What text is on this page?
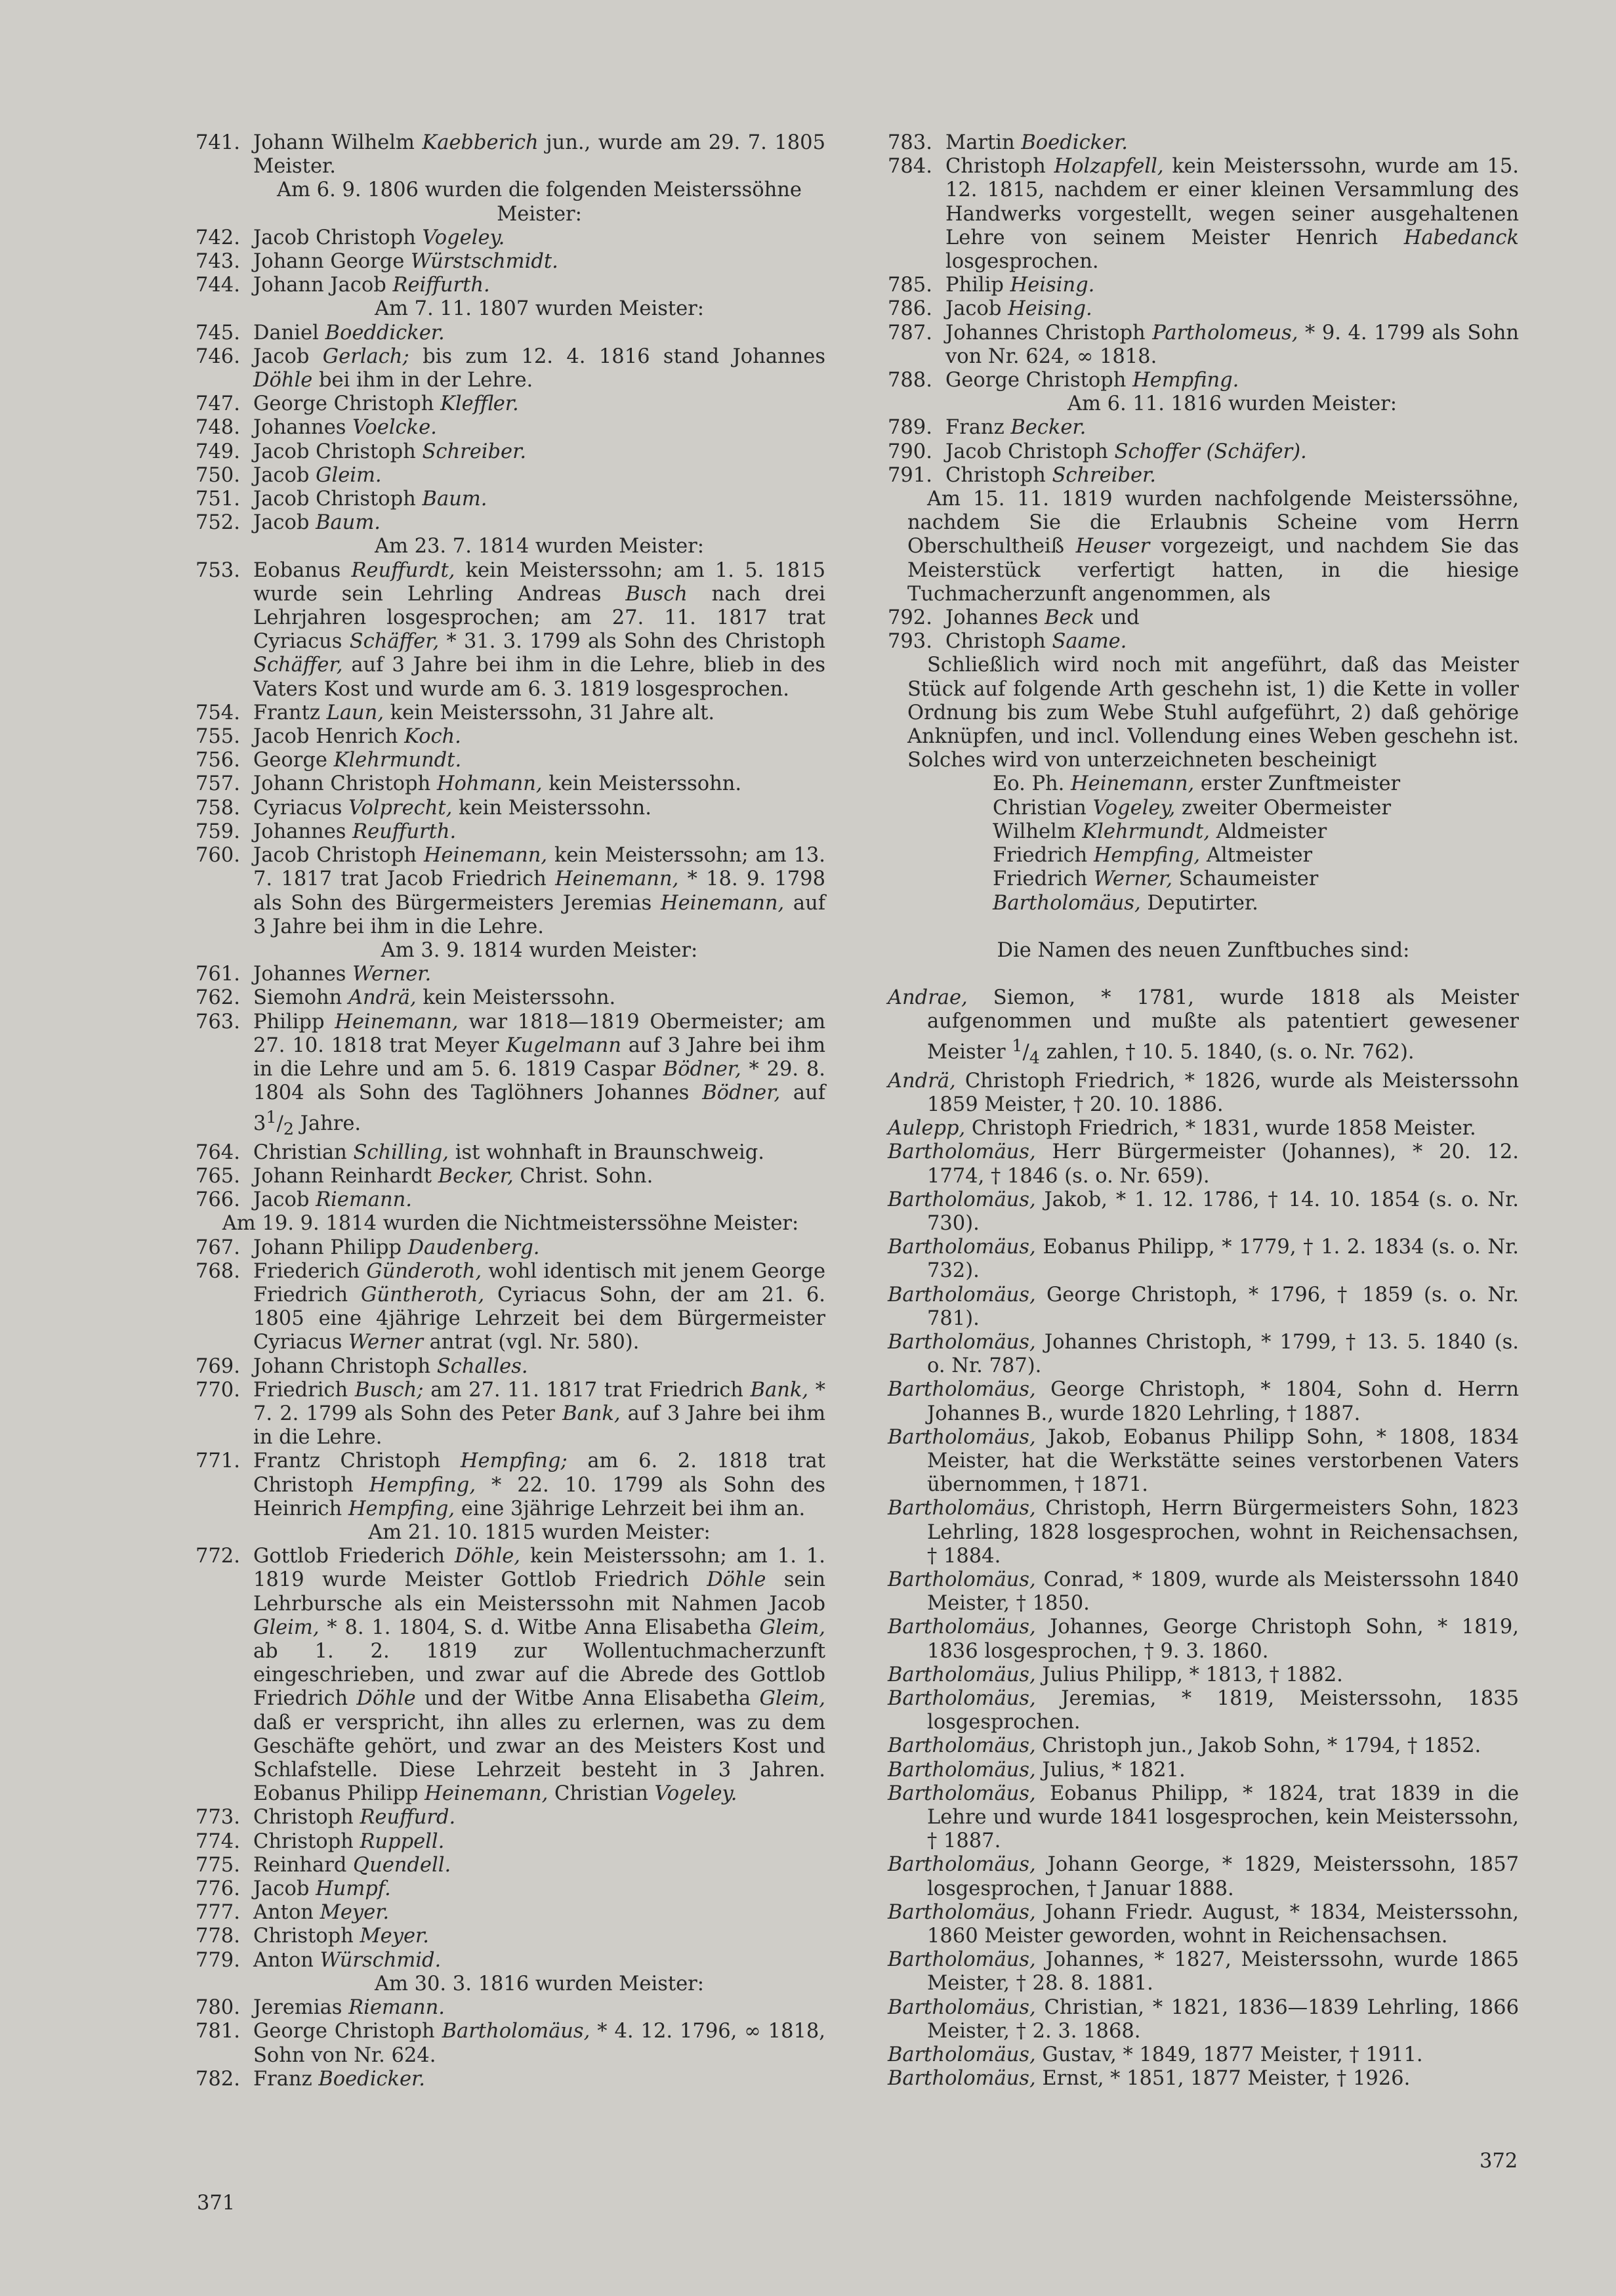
741. Johann Wilhelm Kaebberich jun., wurde am 29. 7. 1805 Meister.
Am 6. 9. 1806 wurden die folgenden Meisterssöhne Meister:
742. Jacob Christoph Vogeley.
743. Johann George Würstschmidt.
744. Johann Jacob Reiffurth.
Am 7. 11. 1807 wurden Meister:
745. Daniel Boeddicker.
746. Jacob Gerlach; bis zum 12. 4. 1816 stand Johannes Döhle bei ihm in der Lehre.
747. George Christoph Kleffler.
748. Johannes Voelcke.
749. Jacob Christoph Schreiber.
750. Jacob Gleim.
751. Jacob Christoph Baum.
752. Jacob Baum.
Am 23. 7. 1814 wurden Meister:
753. Eobanus Reuffurdt, kein Meisterssohn; am 1. 5. 1815 wurde sein Lehrling Andreas Busch nach drei Lehrjahren losgesprochen; am 27. 11. 1817 trat Cyriacus Schäffer, * 31. 3. 1799 als Sohn des Christoph Schäffer, auf 3 Jahre bei ihm in die Lehre, blieb in des Vaters Kost und wurde am 6. 3. 1819 losgesprochen.
754. Frantz Laun, kein Meisterssohn, 31 Jahre alt.
755. Jacob Henrich Koch.
756. George Klehrmundt.
757. Johann Christoph Hohmann, kein Meisterssohn.
758. Cyriacus Volprecht, kein Meisterssohn.
759. Johannes Reuffurth.
760. Jacob Christoph Heinemann, kein Meisterssohn; am 13. 7. 1817 trat Jacob Friedrich Heinemann, * 18. 9. 1798 als Sohn des Bürgermeisters Jeremias Heinemann, auf 3 Jahre bei ihm in die Lehre.
Am 3. 9. 1814 wurden Meister:
761. Johannes Werner.
762. Siemohn Andrä, kein Meisterssohn.
763. Philipp Heinemann, war 1818—1819 Obermeister; am 27. 10. 1818 trat Meyer Kugelmann auf 3 Jahre bei ihm in die Lehre und am 5. 6. 1819 Caspar Bödner, * 29. 8. 1804 als Sohn des Taglöhners Johannes Bödner, auf $3^1/_2$ Jahre.
764. Christian Schilling, ist wohnhaft in Braunschweig.
765. Johann Reinhardt Becker, Christ. Sohn.
766. Jacob Riemann.
Am 19. 9. 1814 wurden die Nichtmeisterssöhne Meister:
767. Johann Philipp Daudenberg.
768. Friederich Günderoth, wohl identisch mit jenem George Friedrich Güntheroth, Cyriacus Sohn, der am 21. 6. 1805 eine 4jährige Lehrzeit bei dem Bürgermeister Cyriacus Werner antrat (vgl. Nr. 580).
769. Johann Christoph Schalles.
770. Friedrich Busch; am 27. 11. 1817 trat Friedrich Bank, * 7. 2. 1799 als Sohn des Peter Bank, auf 3 Jahre bei ihm in die Lehre.
771. Frantz Christoph Hempfing; am 6. 2. 1818 trat Christoph Hempfing, * 22. 10. 1799 als Sohn des Heinrich Hempfing, eine 3jährige Lehrzeit bei ihm an.
Am 21. 10. 1815 wurden Meister:
772. Gottlob Friederich Döhle, kein Meisterssohn; am 1. 1. 1819 wurde Meister Gottlob Friedrich Döhle sein Lehrbursche als ein Meisterssohn mit Nahmen Jacob Gleim, * 8. 1. 1804, S. d. Witbe Anna Elisabetha Gleim, ab 1. 2. 1819 zur Wollentuchmacherzunft eingeschrieben, und zwar auf die Abrede des Gottlob Friedrich Döhle und der Witbe Anna Elisabetha Gleim, daß er verspricht, ihn alles zu erlernen, was zu dem Geschäfte gehört, und zwar an des Meisters Kost und Schlafstelle. Diese Lehrzeit besteht in 3 Jahren. Eobanus Philipp Heinemann, Christian Vogeley.
773. Christoph Reuffurd.
774. Christoph Ruppell.
775. Reinhard Quendell.
776. Jacob Humpf.
777. Anton Meyer.
778. Christoph Meyer.
779. Anton Würschmid.
Am 30. 3. 1816 wurden Meister:
780. Jeremias Riemann.
781. George Christoph Bartholomäus, * 4. 12. 1796, ∞ 1818, Sohn von Nr. 624.
782. Franz Boedicker.
783. Martin Boedicker.
784. Christoph Holzapfell, kein Meisterssohn, wurde am 15. 12. 1815, nachdem er einer kleinen Versammlung des Handwerks vorgestellt, wegen seiner ausgehaltenen Lehre von seinem Meister Henrich Habedanck losgesprochen.
785. Philip Heising.
786. Jacob Heising.
787. Johannes Christoph Partholomeus, * 9. 4. 1799 als Sohn von Nr. 624, ∞ 1818.
788. George Christoph Hempfing.
Am 6. 11. 1816 wurden Meister:
789. Franz Becker.
790. Jacob Christoph Schoffer (Schäfer).
791. Christoph Schreiber.
Am 15. 11. 1819 wurden nachfolgende Meisterssöhne, nachdem Sie die Erlaubnis Scheine vom Herrn Oberschultheiß Heuser vorgezeigt, und nachdem Sie das Meisterstück verfertigt hatten, in die hiesige Tuchmacherzunft angenommen, als
792. Johannes Beck und
793. Christoph Saame.
Schließlich wird noch mit angeführt, daß das Meister Stück auf folgende Arth geschehn ist, 1) die Kette in voller Ordnung bis zum Webe Stuhl aufgeführt, 2) daß gehörige Anknüpfen, und incl. Vollendung eines Weben geschehn ist. Solches wird von unterzeichneten bescheinigt
Eo. Ph. Heinemann, erster Zunftmeister
Christian Vogeley, zweiter Obermeister
Wilhelm Klehrmundt, Aldmeister
Friedrich Hempfing, Altmeister
Friedrich Werner, Schaumeister
Bartholomäus, Deputirter.
Die Namen des neuen Zunftbuches sind:
Andrae, Siemon, * 1781, wurde 1818 als Meister aufgenommen und mußte als patentiert gewesener Meister $^1/_4$ zahlen, † 10. 5. 1840, (s. o. Nr. 762).
Andrä, Christoph Friedrich, * 1826, wurde als Meisterssohn 1859 Meister, † 20. 10. 1886.
Aulepp, Christoph Friedrich, * 1831, wurde 1858 Meister.
Bartholomäus, Herr Bürgermeister (Johannes), * 20. 12. 1774, † 1846 (s. o. Nr. 659).
Bartholomäus, Jakob, * 1. 12. 1786, † 14. 10. 1854 (s. o. Nr. 730).
Bartholomäus, Eobanus Philipp, * 1779, † 1. 2. 1834 (s. o. Nr. 732).
Bartholomäus, George Christoph, * 1796, † 1859 (s. o. Nr. 781).
Bartholomäus, Johannes Christoph, * 1799, † 13. 5. 1840 (s. o. Nr. 787).
Bartholomäus, George Christoph, * 1804, Sohn d. Herrn Johannes B., wurde 1820 Lehrling, † 1887.
Bartholomäus, Jakob, Eobanus Philipp Sohn, * 1808, 1834 Meister, hat die Werkstätte seines verstorbenen Vaters übernommen, † 1871.
Bartholomäus, Christoph, Herrn Bürgermeisters Sohn, 1823 Lehrling, 1828 losgesprochen, wohnt in Reichensachsen, † 1884.
Bartholomäus, Conrad, * 1809, wurde als Meisterssohn 1840 Meister, † 1850.
Bartholomäus, Johannes, George Christoph Sohn, * 1819, 1836 losgesprochen, † 9. 3. 1860.
Bartholomäus, Julius Philipp, * 1813, † 1882.
Bartholomäus, Jeremias, * 1819, Meisterssohn, 1835 losgesprochen.
Bartholomäus, Christoph jun., Jakob Sohn, * 1794, † 1852.
Bartholomäus, Julius, * 1821.
Bartholomäus, Eobanus Philipp, * 1824, trat 1839 in die Lehre und wurde 1841 losgesprochen, kein Meisterssohn, † 1887.
Bartholomäus, Johann George, * 1829, Meisterssohn, 1857 losgesprochen, † Januar 1888.
Bartholomäus, Johann Friedr. August, * 1834, Meisterssohn, 1860 Meister geworden, wohnt in Reichensachsen.
Bartholomäus, Johannes, * 1827, Meisterssohn, wurde 1865 Meister, † 28. 8. 1881.
Bartholomäus, Christian, * 1821, 1836—1839 Lehrling, 1866 Meister, † 2. 3. 1868.
Bartholomäus, Gustav, * 1849, 1877 Meister, † 1911.
Bartholomäus, Ernst, * 1851, 1877 Meister, † 1926.
371
372
